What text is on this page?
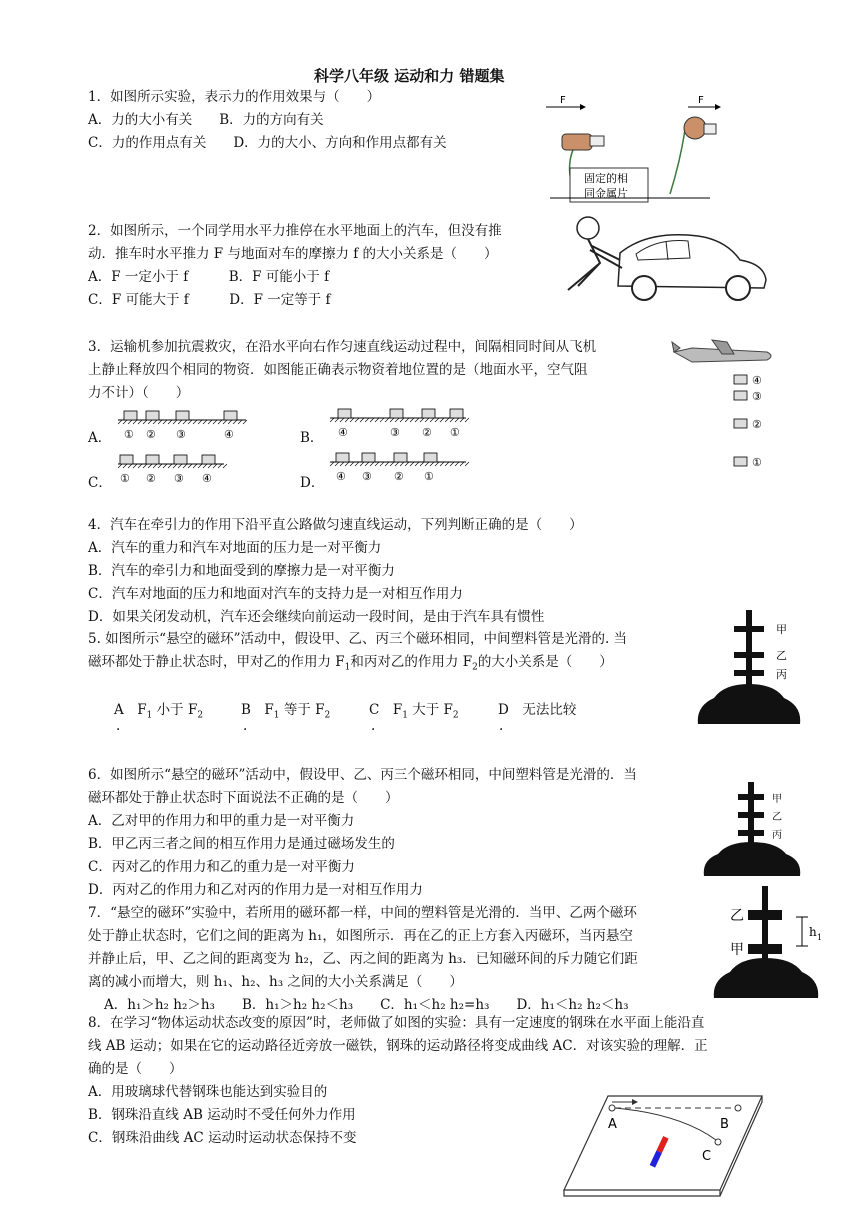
科学八年级 运动和力 错题集
1．如图所示实验，表示力的作用效果与（　　）
A．力的大小有关　　B．力的方向有关
C．力的作用点有关　　D．力的大小、方向和作用点都有关
F	F
固定的相
同金属片
2．如图所示，一个同学用水平力推停在水平地面上的汽车，但没有推
动．推车时水平推力 F 与地面对车的摩擦力 f 的大小关系是（　　）
A．F 一定小于 f　　　B．F 可能小于 f
C．F 可能大于 f　　　D．F 一定等于 f
3．运输机参加抗震救灾，在沿水平向右作匀速直线运动过程中，间隔相同时间从飞机
上静止释放四个相同的物资．如图能正确表示物资着地位置的是（地面水平，空气阻
力不计）（　　）
A．	B．
C．	D．
① ② ③	④	④	③ ② ①
① ② ③ ④	④ ③ ② ①
④
③
②
①
4．汽车在牵引力的作用下沿平直公路做匀速直线运动，下列判断正确的是（　　）
A．汽车的重力和汽车对地面的压力是一对平衡力
B．汽车的牵引力和地面受到的摩擦力是一对平衡力
C．汽车对地面的压力和地面对汽车的支持力是一对相互作用力
D．如果关闭发动机，汽车还会继续向前运动一段时间，是由于汽车具有惯性
5. 如图所示“悬空的磁环”活动中，假设甲、乙、丙三个磁环相同，中间塑料管是光滑的. 当
磁环都处于静止状态时，甲对乙的作用力 $F_1$和丙对乙的作用力 $F_2$的大小关系是（　　）
A　$F_1$ 小于 $F_2$	B　$F_1$ 等于 $F_2$	C　$F_1$ 大于 $F_2$	D　无法比较
.	.	.	.
甲
乙
丙
6．如图所示“悬空的磁环”活动中，假设甲、乙、丙三个磁环相同，中间塑料管是光滑的．当
磁环都处于静止状态时下面说法不正确的是（　　）
A．乙对甲的作用力和甲的重力是一对平衡力
B．甲乙丙三者之间的相互作用力是通过磁场发生的
C．丙对乙的作用力和乙的重力是一对平衡力
D．丙对乙的作用力和乙对丙的作用力是一对相互作用力
甲
乙
丙
7．“悬空的磁环”实验中，若所用的磁环都一样，中间的塑料管是光滑的．当甲、乙两个磁环
处于静止状态时，它们之间的距离为 h₁，如图所示．再在乙的正上方套入丙磁环，当丙悬空
并静止后，甲、乙之间的距离变为 h₂，乙、丙之间的距离为 h₃．已知磁环间的斥力随它们距
离的减小而增大，则 h₁、h₂、h₃ 之间的大小关系满足（　　）
A．h₁＞h₂ h₂＞h₃　　B．h₁＞h₂ h₂＜h₃　　C．h₁＜h₂ h₂=h₃　　D．h₁＜h₂ h₂＜h₃
乙
甲
h 1
8．在学习“物体运动状态改变的原因”时，老师做了如图的实验：具有一定速度的钢珠在水平面上能沿直
线 AB 运动；如果在它的运动路径近旁放一磁铁，钢珠的运动路径将变成曲线 AC．对该实验的理解．正
确的是（　　）
A．用玻璃球代替钢珠也能达到实验目的
B．钢珠沿直线 AB 运动时不受任何外力作用
C．钢珠沿曲线 AC 运动时运动状态保持不变
A	B
C
